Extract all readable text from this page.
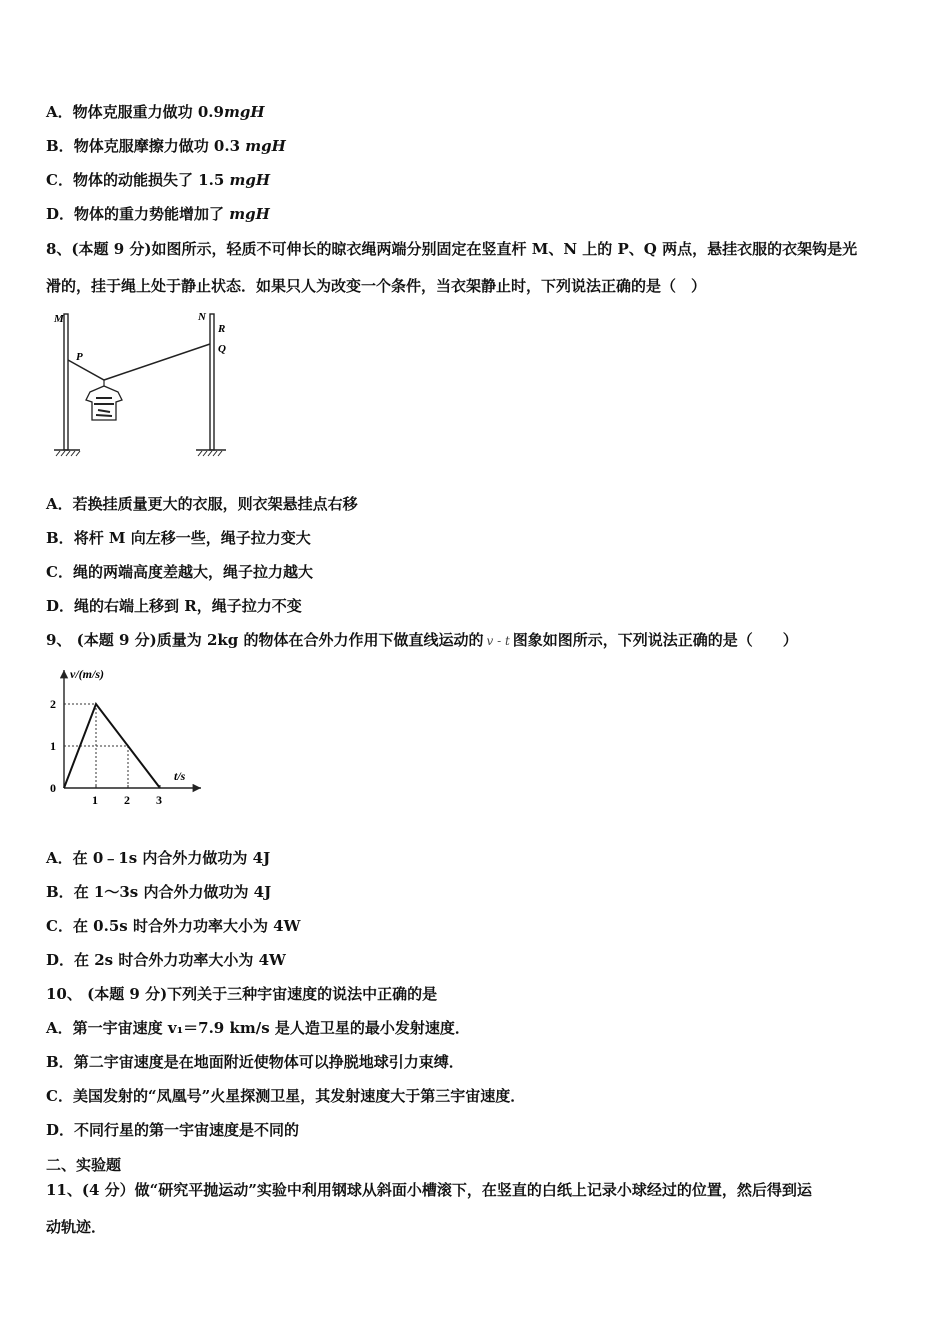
A．物体克服重力做功 0.9mgH
B．物体克服摩擦力做功 0.3 mgH
C．物体的动能损失了 1.5 mgH
D．物体的重力势能增加了 mgH
8、(本题 9 分)如图所示，轻质不可伸长的晾衣绳两端分别固定在竖直杆 M、N 上的 P、Q 两点，悬挂衣服的衣架钩是光
滑的，挂于绳上处于静止状态．如果只人为改变一个条件，当衣架静止时，下列说法正确的是（　）
M
P
N
R
Q
A．若换挂质量更大的衣服，则衣架悬挂点右移
B．将杆 M 向左移一些，绳子拉力变大
C．绳的两端高度差越大，绳子拉力越大
D．绳的右端上移到 R，绳子拉力不变
9、 (本题 9 分)质量为 2kg 的物体在合外力作用下做直线运动的 v - t 图象如图所示，下列说法正确的是（　　）
1 2 3
1
2
v/(m/s)
t/s
0
A．在 0﹣1s 内合外力做功为 4J
B．在 1～3s 内合外力做功为 4J
C．在 0.5s 时合外力功率大小为 4W
D．在 2s 时合外力功率大小为 4W
10、 (本题 9 分)下列关于三种宇宙速度的说法中正确的是
A．第一宇宙速度 v₁＝7.9 km/s 是人造卫星的最小发射速度．
B．第二宇宙速度是在地面附近使物体可以挣脱地球引力束缚．
C．美国发射的“凤凰号”火星探测卫星，其发射速度大于第三宇宙速度．
D．不同行星的第一宇宙速度是不同的
二、实验题
11、(4 分）做“研究平抛运动”实验中利用钢球从斜面小槽滚下，在竖直的白纸上记录小球经过的位置，然后得到运
动轨迹．
